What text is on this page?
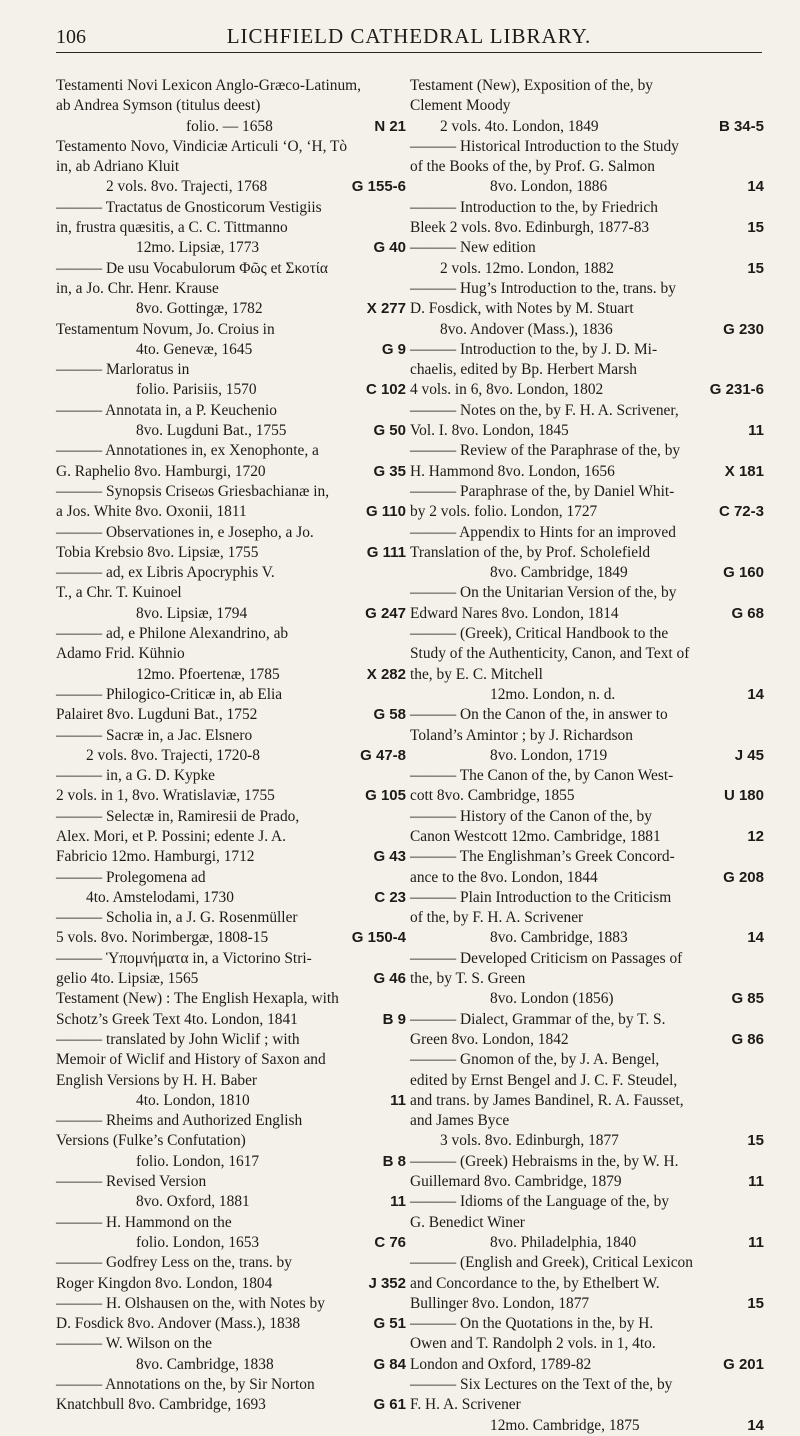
106	LICHFIELD CATHEDRAL LIBRARY.
Testamenti Novi Lexicon Anglo-Græco-Latinum,
ab Andrea Symson (titulus deest)
folio. — 1658	N 21
Testamento Novo, Vindiciæ Articuli ‘O, ‘H, Tò
in, ab Adriano Kluit
2 vols. 8vo. Trajecti, 1768	G 155-6
——— Tractatus de Gnosticorum Vestigiis
in, frustra quæsitis, a C. C. Tittmanno
12mo. Lipsiæ, 1773	G 40
——— De usu Vocabulorum Φῶς et Σκοτία
in, a Jo. Chr. Henr. Krause
8vo. Gottingæ, 1782	X 277
Testamentum Novum, Jo. Croius in
4to. Genevæ, 1645	G 9
——— Marloratus in
folio. Parisiis, 1570	C 102
——— Annotata in, a P. Keuchenio
8vo. Lugduni Bat., 1755	G 50
——— Annotationes in, ex Xenophonte, a
G. Raphelio 8vo. Hamburgi, 1720	G 35
——— Synopsis Criseωs Griesbachianæ in,
a Jos. White 8vo. Oxonii, 1811	G 110
——— Observationes in, e Josepho, a Jo.
Tobia Krebsio 8vo. Lipsiæ, 1755	G 111
——— ad, ex Libris Apocryphis V.
T., a Chr. T. Kuinoel
8vo. Lipsiæ, 1794	G 247
——— ad, e Philone Alexandrino, ab
Adamo Frid. Kühnio
12mo. Pfoertenæ, 1785	X 282
——— Philogico-Criticæ in, ab Elia
Palairet 8vo. Lugduni Bat., 1752	G 58
——— Sacræ in, a Jac. Elsnero
2 vols. 8vo. Trajecti, 1720-8	G 47-8
——— in, a G. D. Kypke
2 vols. in 1, 8vo. Wratislaviæ, 1755	G 105
——— Selectæ in, Ramiresii de Prado,
Alex. Mori, et P. Possini; edente J. A.
Fabricio 12mo. Hamburgi, 1712	G 43
——— Prolegomena ad
4to. Amstelodami, 1730	C 23
——— Scholia in, a J. G. Rosenmüller
5 vols. 8vo. Norimbergæ, 1808-15	G 150-4
——— Ὑπομνήματα in, a Victorino Stri-
gelio 4to. Lipsiæ, 1565	G 46
Testament (New) : The English Hexapla, with
Schotz’s Greek Text 4to. London, 1841	B 9
——— translated by John Wiclif ; with
Memoir of Wiclif and History of Saxon and
English Versions by H. H. Baber
4to. London, 1810	11
——— Rheims and Authorized English
Versions (Fulke’s Confutation)
folio. London, 1617	B 8
——— Revised Version
8vo. Oxford, 1881	11
——— H. Hammond on the
folio. London, 1653	C 76
——— Godfrey Less on the, trans. by
Roger Kingdon 8vo. London, 1804	J 352
——— H. Olshausen on the, with Notes by
D. Fosdick 8vo. Andover (Mass.), 1838	G 51
——— W. Wilson on the
8vo. Cambridge, 1838	G 84
——— Annotations on the, by Sir Norton
Knatchbull 8vo. Cambridge, 1693	G 61
Testament (New), Exposition of the, by
Clement Moody
2 vols. 4to. London, 1849	B 34-5
——— Historical Introduction to the Study
of the Books of the, by Prof. G. Salmon
8vo. London, 1886	14
——— Introduction to the, by Friedrich
Bleek 2 vols. 8vo. Edinburgh, 1877-83	15
——— New edition
2 vols. 12mo. London, 1882	15
——— Hug’s Introduction to the, trans. by
D. Fosdick, with Notes by M. Stuart
8vo. Andover (Mass.), 1836	G 230
——— Introduction to the, by J. D. Mi-
chaelis, edited by Bp. Herbert Marsh
4 vols. in 6, 8vo. London, 1802	G 231-6
——— Notes on the, by F. H. A. Scrivener,
Vol. I. 8vo. London, 1845	11
——— Review of the Paraphrase of the, by
H. Hammond 8vo. London, 1656	X 181
——— Paraphrase of the, by Daniel Whit-
by 2 vols. folio. London, 1727	C 72-3
——— Appendix to Hints for an improved
Translation of the, by Prof. Scholefield
8vo. Cambridge, 1849	G 160
——— On the Unitarian Version of the, by
Edward Nares 8vo. London, 1814	G 68
——— (Greek), Critical Handbook to the
Study of the Authenticity, Canon, and Text of
the, by E. C. Mitchell
12mo. London, n. d.	14
——— On the Canon of the, in answer to
Toland’s Amintor ; by J. Richardson
8vo. London, 1719	J 45
——— The Canon of the, by Canon West-
cott 8vo. Cambridge, 1855	U 180
——— History of the Canon of the, by
Canon Westcott 12mo. Cambridge, 1881	12
——— The Englishman’s Greek Concord-
ance to the 8vo. London, 1844	G 208
——— Plain Introduction to the Criticism
of the, by F. H. A. Scrivener
8vo. Cambridge, 1883	14
——— Developed Criticism on Passages of
the, by T. S. Green
8vo. London (1856)	G 85
——— Dialect, Grammar of the, by T. S.
Green 8vo. London, 1842	G 86
——— Gnomon of the, by J. A. Bengel,
edited by Ernst Bengel and J. C. F. Steudel,
and trans. by James Bandinel, R. A. Fausset,
and James Byce
3 vols. 8vo. Edinburgh, 1877	15
——— (Greek) Hebraisms in the, by W. H.
Guillemard 8vo. Cambridge, 1879	11
——— Idioms of the Language of the, by
G. Benedict Winer
8vo. Philadelphia, 1840	11
——— (English and Greek), Critical Lexicon
and Concordance to the, by Ethelbert W.
Bullinger 8vo. London, 1877	15
——— On the Quotations in the, by H.
Owen and T. Randolph 2 vols. in 1, 4to.
London and Oxford, 1789-82	G 201
——— Six Lectures on the Text of the, by
F. H. A. Scrivener
12mo. Cambridge, 1875	14
